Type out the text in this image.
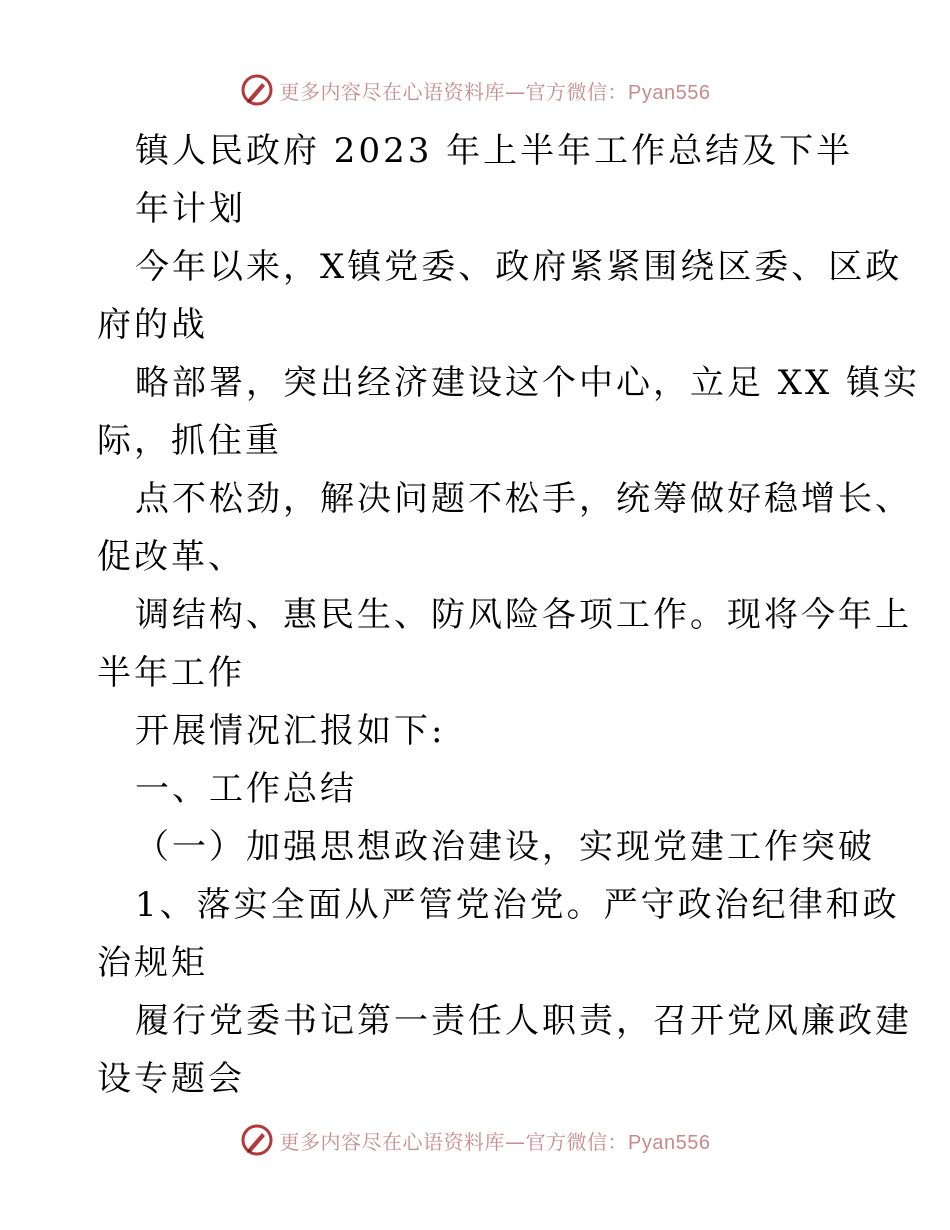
更多内容尽在心语资料库—官方微信：Pyan556
镇人民政府 2023 年上半年工作总结及下半
年计划
今年以来，X镇党委、政府紧紧围绕区委、区政
府的战
略部署，突出经济建设这个中心，立足 XX 镇实
际，抓住重
点不松劲，解决问题不松手，统筹做好稳增长、
促改革、
调结构、惠民生、防风险各项工作。现将今年上
半年工作
开展情况汇报如下:
一、工作总结
（一）加强思想政治建设，实现党建工作突破
1、落实全面从严管党治党。严守政治纪律和政
治规矩
履行党委书记第一责任人职责，召开党风廉政建
设专题会
更多内容尽在心语资料库—官方微信：Pyan556
